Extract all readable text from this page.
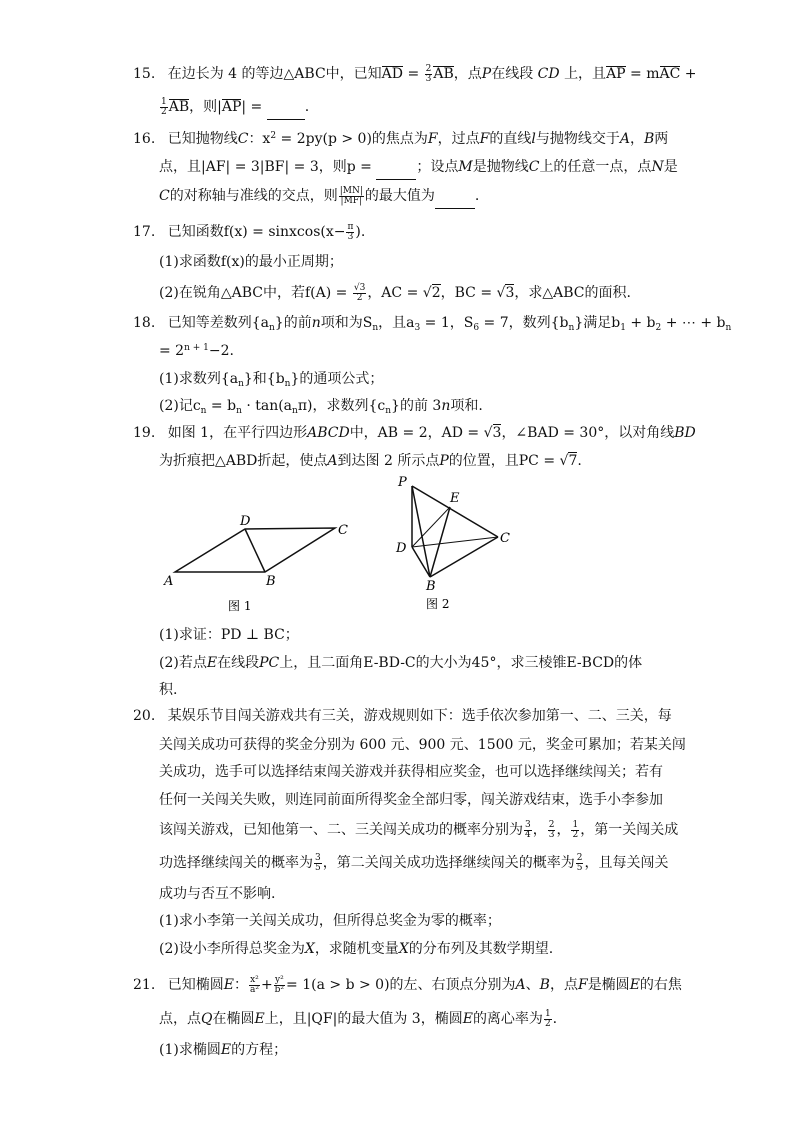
15. 在边长为 4 的等边△ABC中，已知AD = $\frac{2}{3}$ AB，点P在线段 CD 上，且AP = mAC +
$\frac{1}{2}$ AB，则|AP| =	.
16. 已知抛物线C：$x^2 = 2py(p > 0)$的焦点为F，过点F的直线l与抛物线交于A，B两
点，且|AF| = 3|BF| = 3，则p =	；设点M是抛物线C上的任意一点，点N是
C的对称轴与准线的交点，则 $\frac{|MN|}{|MF|}$ 的最大值为	.
17. 已知函数f(x) = sinxcos(x− $\frac{\pi}{3}$ ).
(1)求函数f(x)的最小正周期；
(2)在锐角△ABC中，若$f(A) = \frac{√3}{2}$ ，AC = √2，BC = √3，求△ABC的面积.
18. 已知等差数列$\{a_n\}$的前n项和为$S_n$，且$a_3 = 1$，$S_6 = 7$，数列$\{b_n\}$满足$b_1 + b_2$ + ⋯ + $b_n$
= $2^{n + 1}-2$.
(1)求数列$\{a_n\}$和$\{b_n\}$的通项公式；
(2)记$c_n = b_n \cdot \tan(a_n\pi)$，求数列$\{c_n\}$的前 3n项和.
19. 如图 1，在平行四边形ABCD中，AB = 2，AD = √3，∠BAD = 30°，以对角线BD
为折痕把△ABD折起，使点A到达图 2 所示点P的位置，且PC = √7.
A	B
C
D
图 1
P
E
C
D
B
图 2
(1)求证：PD ⊥ BC；
(2)若点E在线段PC上，且二面角E-BD-C的大小为45°，求三棱锥E-BCD的体
积.
20. 某娱乐节目闯关游戏共有三关，游戏规则如下：选手依次参加第一、二、三关，每
关闯关成功可获得的奖金分别为 600 元、900 元、1500 元，奖金可累加；若某关闯
关成功，选手可以选择结束闯关游戏并获得相应奖金，也可以选择继续闯关；若有
任何一关闯关失败，则连同前面所得奖金全部归零，闯关游戏结束，选手小李参加
该闯关游戏，已知他第一、二、三关闯关成功的概率分别为 $\frac{3}{4}$ ， $\frac{2}{3}$ ， $\frac{1}{2}$ ，第一关闯关成
功选择继续闯关的概率为 $\frac{3}{5}$ ，第二关闯关成功选择继续闯关的概率为 $\frac{2}{5}$ ，且每关闯关
成功与否互不影响.
(1)求小李第一关闯关成功，但所得总奖金为零的概率；
(2)设小李所得总奖金为X，求随机变量X的分布列及其数学期望.
21. 已知椭圆E： $\frac{\text{x²}}{\text{a²}} + \frac{\text{y²}}{\text{b²}} = 1(a > b > 0)$的左、右顶点分别为A、B，点F是椭圆E的右焦
点，点Q在椭圆E上，且|QF|的最大值为 3，椭圆E的离心率为 $\frac{1}{2}$ .
(1)求椭圆E的方程；
